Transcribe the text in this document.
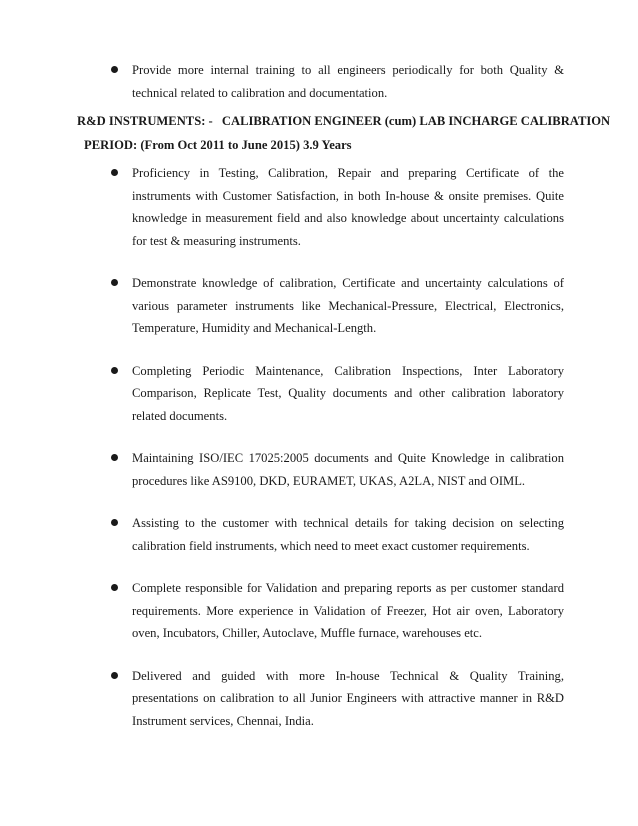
Provide more internal training to all engineers periodically for both Quality & technical related to calibration and documentation.
R&D INSTRUMENTS: - CALIBRATION ENGINEER (cum) LAB INCHARGE CALIBRATION
PERIOD: (From Oct 2011 to June 2015) 3.9 Years
Proficiency in Testing, Calibration, Repair and preparing Certificate of the instruments with Customer Satisfaction, in both In-house & onsite premises. Quite knowledge in measurement field and also knowledge about uncertainty calculations for test & measuring instruments.
Demonstrate knowledge of calibration, Certificate and uncertainty calculations of various parameter instruments like Mechanical-Pressure, Electrical, Electronics, Temperature, Humidity and Mechanical-Length.
Completing Periodic Maintenance, Calibration Inspections, Inter Laboratory Comparison, Replicate Test, Quality documents and other calibration laboratory related documents.
Maintaining ISO/IEC 17025:2005 documents and Quite Knowledge in calibration procedures like AS9100, DKD, EURAMET, UKAS, A2LA, NIST and OIML.
Assisting to the customer with technical details for taking decision on selecting calibration field instruments, which need to meet exact customer requirements.
Complete responsible for Validation and preparing reports as per customer standard requirements. More experience in Validation of Freezer, Hot air oven, Laboratory oven, Incubators, Chiller, Autoclave, Muffle furnace, warehouses etc.
Delivered and guided with more In-house Technical & Quality Training, presentations on calibration to all Junior Engineers with attractive manner in R&D Instrument services, Chennai, India.
